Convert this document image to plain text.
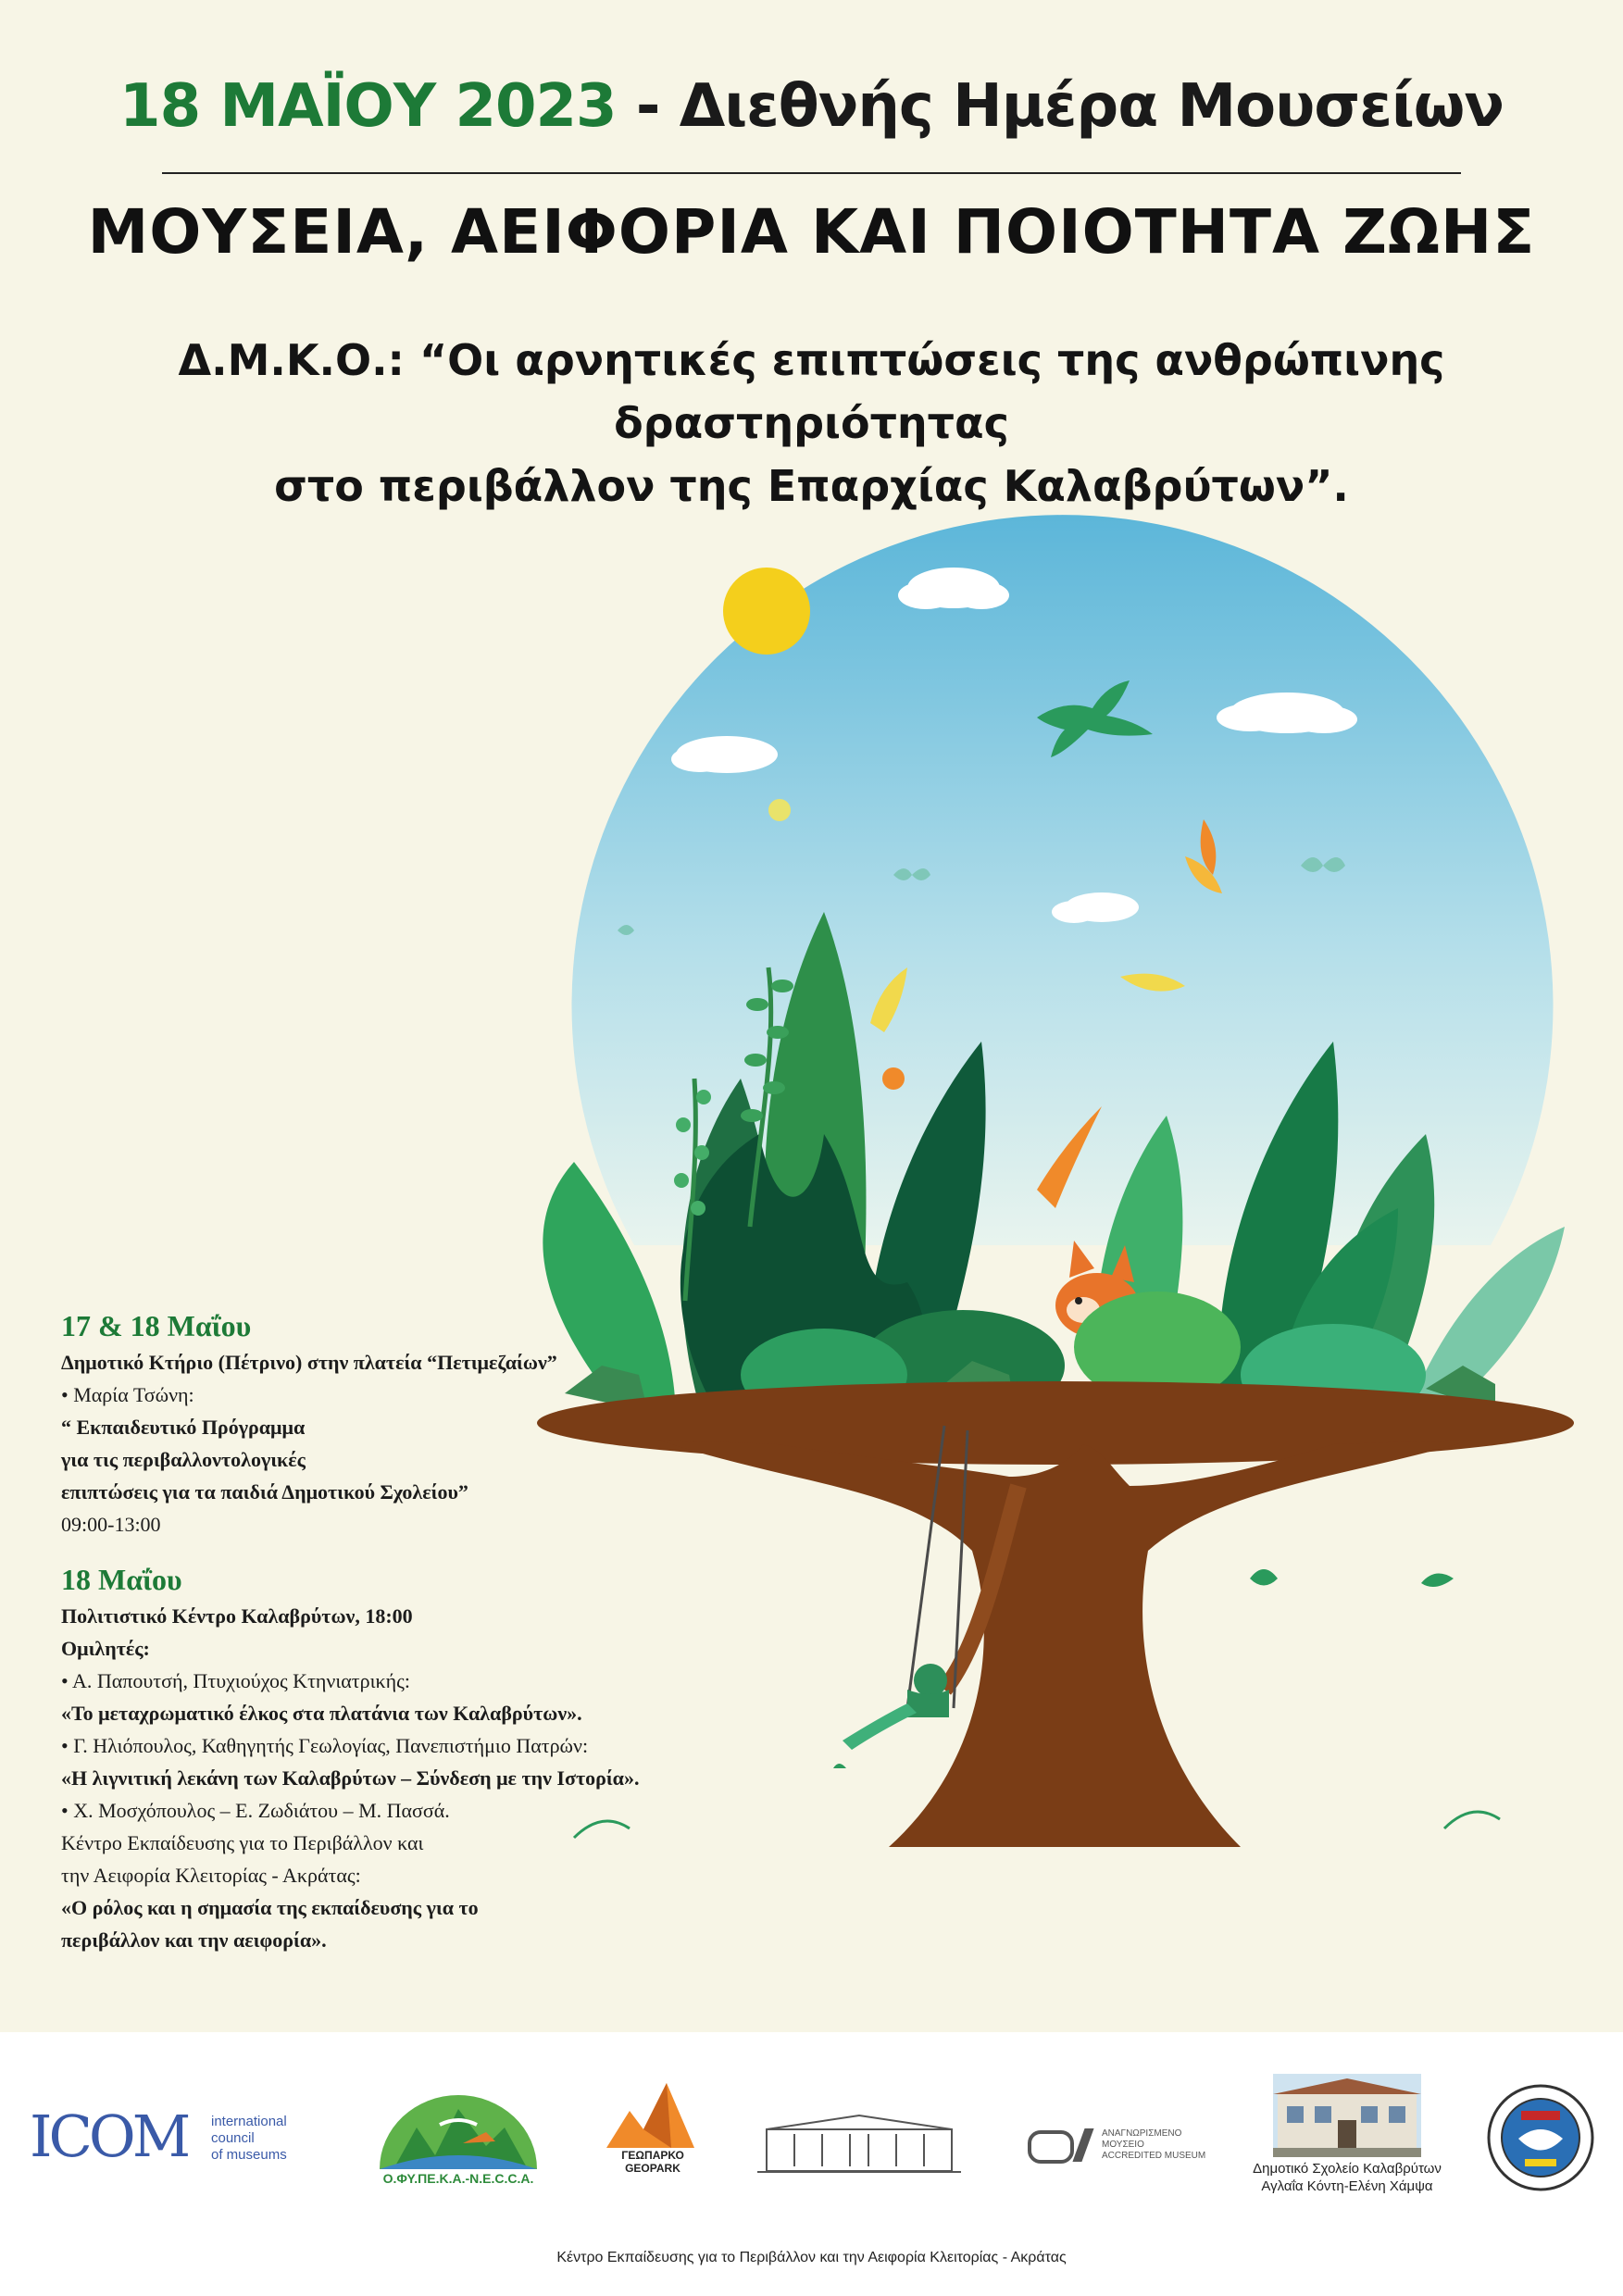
18 ΜΑΪΟΥ 2023 - Διεθνής Ημέρα Μουσείων
ΜΟΥΣΕΙΑ, ΑΕΙΦΟΡΙΑ ΚΑΙ ΠΟΙΟΤΗΤΑ ΖΩΗΣ
Δ.Μ.Κ.Ο.: “Οι αρνητικές επιπτώσεις της ανθρώπινης δραστηριότητας
στο περιβάλλον της Επαρχίας Καλαβρύτων”.
17 & 18 Μαΐου
Δημοτικό Κτήριο (Πέτρινο) στην πλατεία “Πετιμεζαίων”
• Μαρία Τσώνη:
“ Εκπαιδευτικό Πρόγραμμα
για τις περιβαλλοντολογικές
επιπτώσεις για τα παιδιά Δημοτικού Σχολείου”
09:00-13:00
18 Μαΐου
Πολιτιστικό Κέντρο Καλαβρύτων, 18:00
Ομιλητές:
• Α. Παπουτσή, Πτυχιούχος Κτηνιατρικής:
«Το μεταχρωματικό έλκος στα πλατάνια των Καλαβρύτων».
• Γ. Ηλιόπουλος, Καθηγητής Γεωλογίας, Πανεπιστήμιο Πατρών:
«Η λιγνιτική λεκάνη των Καλαβρύτων – Σύνδεση με την Ιστορία».
• Χ. Μοσχόπουλος – Ε. Ζωδιάτου – Μ. Πασσά.
Κέντρο Εκπαίδευσης για το Περιβάλλον και
την Αειφορία Κλειτορίας - Ακράτας:
«Ο ρόλος και η σημασία της εκπαίδευσης για το
περιβάλλον και την αειφορία».
ICOM international
council
of museums
Ο.ΦΥ.ΠΕ.Κ.Α.-Ν.Ε.C.C.A.
ΓΕΩΠΑΡΚΟ
GEOPARK
ΑΝΑΓΝΩΡΙΣΜΕΝΟ ΜΟΥΣΕΙΟ
ACCREDITED MUSEUM
Δημοτικό Σχολείο Καλαβρύτων
Αγλαΐα Κόντη-Ελένη Χάμψα
Κέντρο Εκπαίδευσης για το Περιβάλλον και την Αειφορία Κλειτορίας - Ακράτας
